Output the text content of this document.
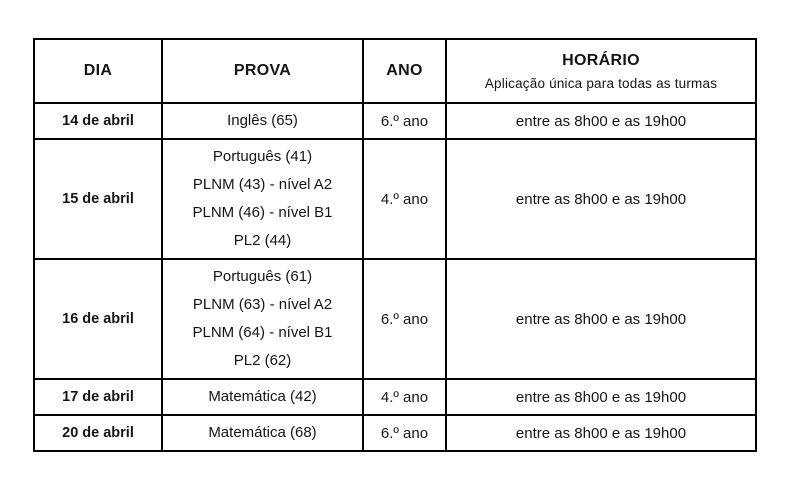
DIA	PROVA	ANO	HORÁRIO
Aplicação única para todas as turmas

14 de abril	Inglês (65)	6.º ano	entre as 8h00 e as 19h00
15 de abril	Português (41)
PLNM (43) - nível A2
PLNM (46) - nível B1
PL2 (44)	4.º ano	entre as 8h00 e as 19h00
16 de abril	Português (61)
PLNM (63) - nível A2
PLNM (64) - nível B1
PL2 (62)	6.º ano	entre as 8h00 e as 19h00
17 de abril	Matemática (42)	4.º ano	entre as 8h00 e as 19h00
20 de abril	Matemática (68)	6.º ano	entre as 8h00 e as 19h00
